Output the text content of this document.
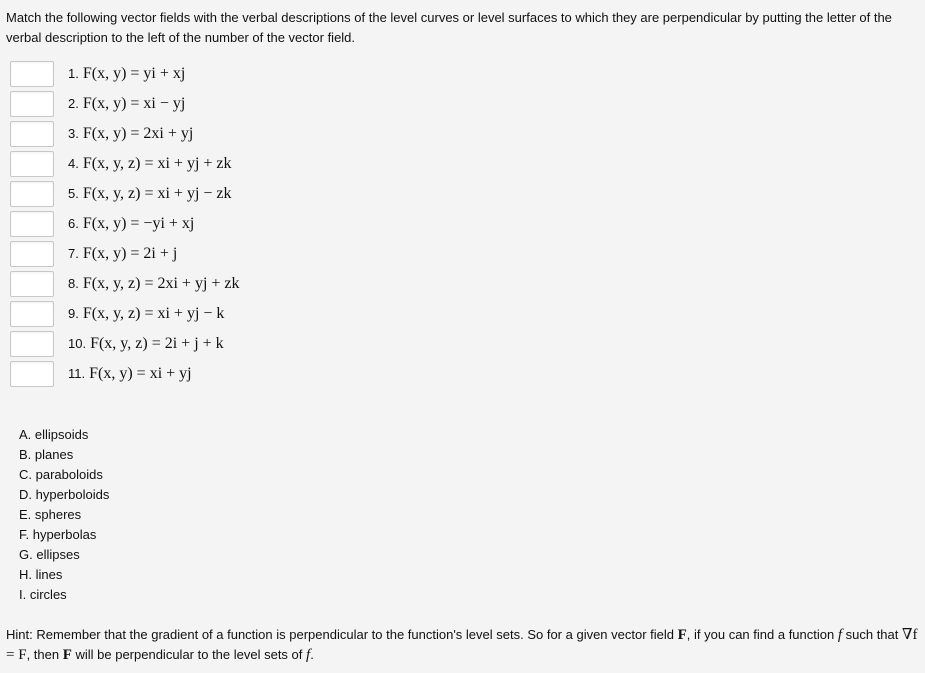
Match the following vector fields with the verbal descriptions of the level curves or level surfaces to which they are perpendicular by putting the letter of the verbal description to the left of the number of the vector field.
1. F(x, y) = yi + xj
2. F(x, y) = xi − yj
3. F(x, y) = 2xi + yj
4. F(x, y, z) = xi + yj + zk
5. F(x, y, z) = xi + yj − zk
6. F(x, y) = −yi + xj
7. F(x, y) = 2i + j
8. F(x, y, z) = 2xi + yj + zk
9. F(x, y, z) = xi + yj − k
10. F(x, y, z) = 2i + j + k
11. F(x, y) = xi + yj
A. ellipsoids
B. planes
C. paraboloids
D. hyperboloids
E. spheres
F. hyperbolas
G. ellipses
H. lines
I. circles
Hint: Remember that the gradient of a function is perpendicular to the function's level sets. So for a given vector field F, if you can find a function f such that ∇f = F, then F will be perpendicular to the level sets of f.
